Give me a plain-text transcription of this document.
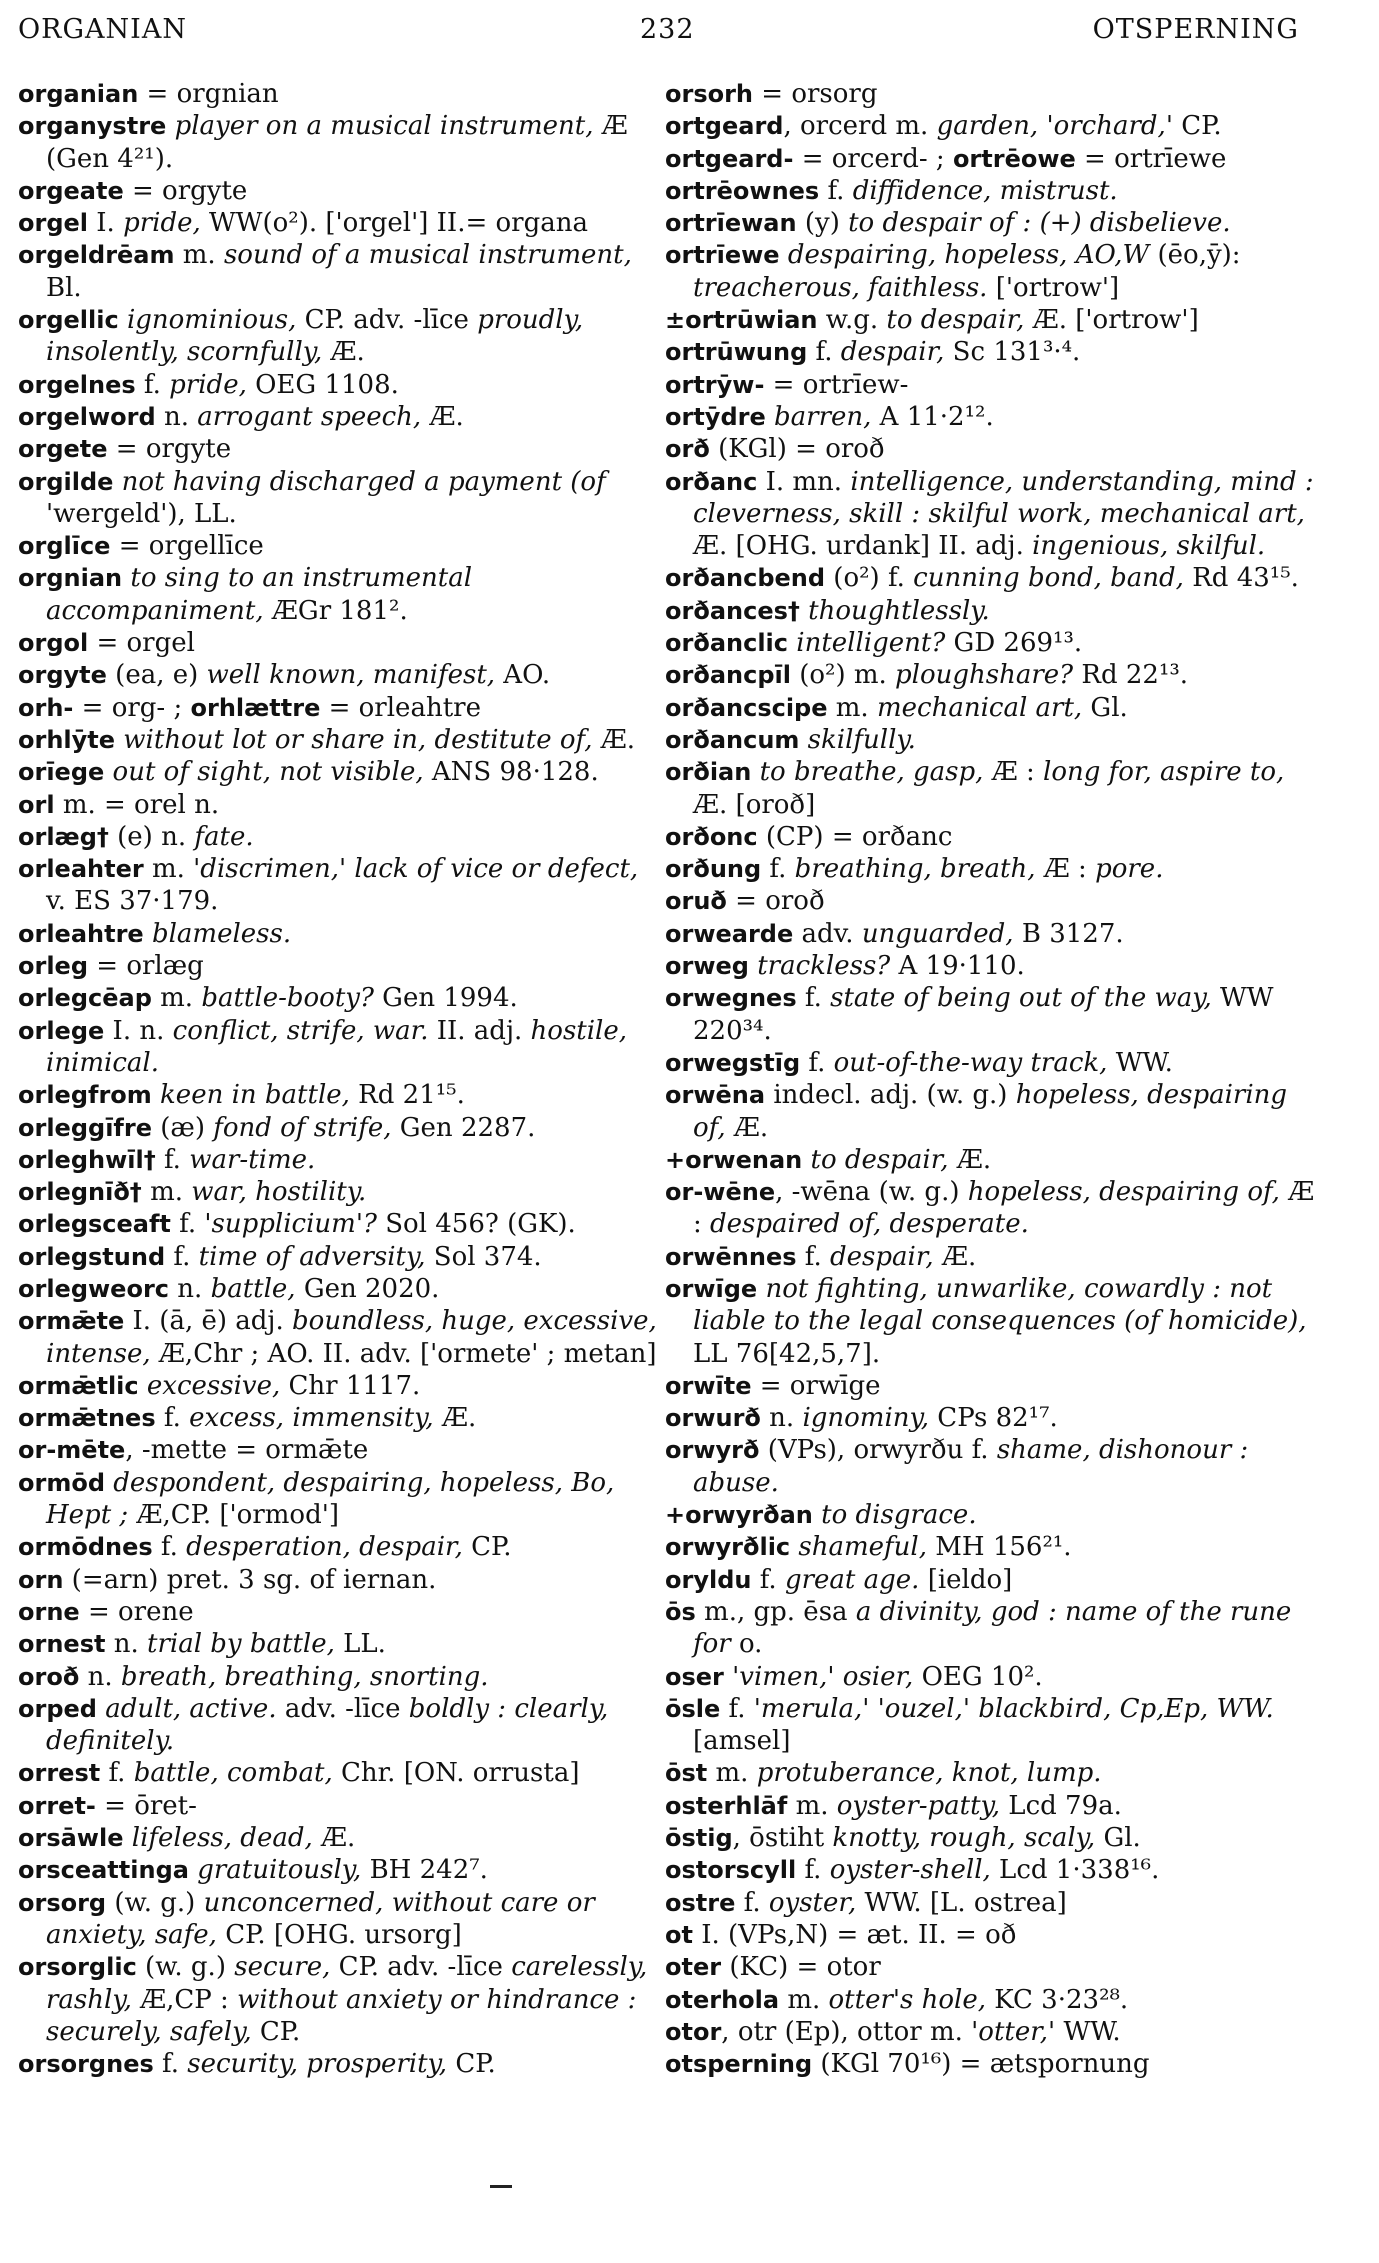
ORGANIAN	232	OTSPERNING

organian = orgnian

organystre player on a musical instrument, Æ (Gen 4²¹).

orgeate = orgyte

orgel I. pride, WW(o²). ['orgel'] II.= organa

orgeldrēam m. sound of a musical instrument, Bl.

orgellic ignominious, CP. adv. -līce proudly, insolently, scornfully, Æ.

orgelnes f. pride, OEG 1108.

orgelword n. arrogant speech, Æ.

orgete = orgyte

orgilde not having discharged a payment (of 'wergeld'), LL.

orglīce = orgellīce

orgnian to sing to an instrumental accompaniment, ÆGr 181².

orgol = orgel

orgyte (ea, e) well known, manifest, AO.

orh- = org- ; orhlættre = orleahtre

orhlȳte without lot or share in, destitute of, Æ.

orīege out of sight, not visible, ANS 98·128.

orl m. = orel n.

orlæg† (e) n. fate.

orleahter m. 'discrimen,' lack of vice or defect, v. ES 37·179.

orleahtre blameless.

orleg = orlæg

orlegcēap m. battle-booty? Gen 1994.

orlege I. n. conflict, strife, war. II. adj. hostile, inimical.

orlegfrom keen in battle, Rd 21¹⁵.

orleggīfre (æ) fond of strife, Gen 2287.

orleghwīl† f. war-time.

orlegnīð† m. war, hostility.

orlegsceaft f. 'supplicium'? Sol 456? (GK).

orlegstund f. time of adversity, Sol 374.

orlegweorc n. battle, Gen 2020.

ormǣte I. (ā, ē) adj. boundless, huge, excessive, intense, Æ,Chr ; AO. II. adv. ['ormete' ; metan]

ormǣtlic excessive, Chr 1117.

ormǣtnes f. excess, immensity, Æ.

or-mēte, -mette = ormǣte

ormōd despondent, despairing, hopeless, Bo, Hept ; Æ,CP. ['ormod']

ormōdnes f. desperation, despair, CP.

orn (=arn) pret. 3 sg. of iernan.

orne = orene

ornest n. trial by battle, LL.

oroð n. breath, breathing, snorting.

orped adult, active. adv. -līce boldly : clearly, definitely.

orrest f. battle, combat, Chr. [ON. orrusta]

orret- = ōret-

orsāwle lifeless, dead, Æ.

orsceattinga gratuitously, BH 242⁷.

orsorg (w. g.) unconcerned, without care or anxiety, safe, CP. [OHG. ursorg]

orsorglic (w. g.) secure, CP. adv. -līce carelessly, rashly, Æ,CP : without anxiety or hindrance : securely, safely, CP.

orsorgnes f. security, prosperity, CP.

orsorh = orsorg

ortgeard, orcerd m. garden, 'orchard,' CP.

ortgeard- = orcerd- ; ortrēowe = ortrīewe

ortrēownes f. diffidence, mistrust.

ortrīewan (y) to despair of : (+) disbelieve.

ortrīewe despairing, hopeless, AO,W (ēo,ȳ): treacherous, faithless. ['ortrow']

±ortrūwian w.g. to despair, Æ. ['ortrow']

ortrūwung f. despair, Sc 131³·⁴.

ortrȳw- = ortrīew-

ortȳdre barren, A 11·2¹².

orð (KGl) = oroð

orðanc I. mn. intelligence, understanding, mind : cleverness, skill : skilful work, mechanical art, Æ. [OHG. urdank] II. adj. ingenious, skilful.

orðancbend (o²) f. cunning bond, band, Rd 43¹⁵.

orðances† thoughtlessly.

orðanclic intelligent? GD 269¹³.

orðancpīl (o²) m. ploughshare? Rd 22¹³.

orðancscipe m. mechanical art, Gl.

orðancum skilfully.

orðian to breathe, gasp, Æ : long for, aspire to, Æ. [oroð]

orðonc (CP) = orðanc

orðung f. breathing, breath, Æ : pore.

oruð = oroð

orwearde adv. unguarded, B 3127.

orweg trackless? A 19·110.

orwegnes f. state of being out of the way, WW 220³⁴.

orwegstīg f. out-of-the-way track, WW.

orwēna indecl. adj. (w. g.) hopeless, despairing of, Æ.

+orwenan to despair, Æ.

or-wēne, -wēna (w. g.) hopeless, despairing of, Æ : despaired of, desperate.

orwēnnes f. despair, Æ.

orwīge not fighting, unwarlike, cowardly : not liable to the legal consequences (of homicide), LL 76[42,5,7].

orwīte = orwīge

orwurð n. ignominy, CPs 82¹⁷.

orwyrð (VPs), orwyrðu f. shame, dishonour : abuse.

+orwyrðan to disgrace.

orwyrðlic shameful, MH 156²¹.

oryldu f. great age. [ieldo]

ōs m., gp. ēsa a divinity, god : name of the rune for o.

oser 'vimen,' osier, OEG 10².

ōsle f. 'merula,' 'ouzel,' blackbird, Cp,Ep, WW. [amsel]

ōst m. protuberance, knot, lump.

osterhlāf m. oyster-patty, Lcd 79a.

ōstig, ōstiht knotty, rough, scaly, Gl.

ostorscyll f. oyster-shell, Lcd 1·338¹⁶.

ostre f. oyster, WW. [L. ostrea]

ot I. (VPs,N) = æt. II. = oð

oter (KC) = otor

oterhola m. otter's hole, KC 3·23²⁸.

otor, otr (Ep), ottor m. 'otter,' WW.

otsperning (KGl 70¹⁶) = ætspornung
